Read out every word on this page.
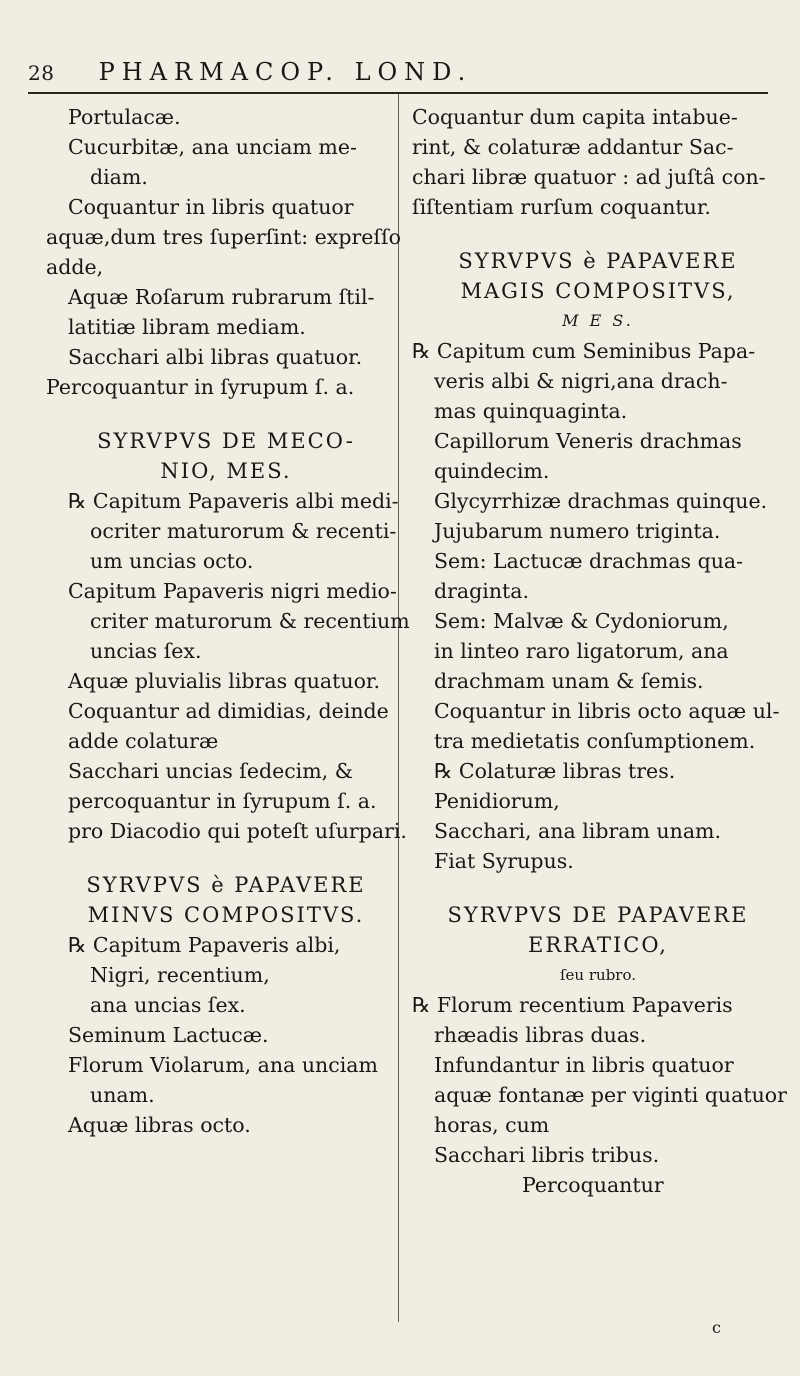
28 PHARMACOP. LOND.
Portulacæ.
Cucurbitæ, ana unciam me-
diam.
Coquantur in libris quatuor
aquæ,dum tres ſuperſint: expreſſo
adde,
Aquæ Roſarum rubrarum ſtil-
latitiæ libram mediam.
Sacchari albi libras quatuor.
Percoquantur in ſyrupum ſ. a.
SYRVPVS DE MECO-
NIO, MES.
℞ Capitum Papaveris albi medi-
ocriter maturorum & recenti-
um uncias octo.
Capitum Papaveris nigri medio-
criter maturorum & recentium
uncias ſex.
Aquæ pluvialis libras quatuor.
Coquantur ad dimidias, deinde
adde colaturæ
Sacchari uncias ſedecim, &
percoquantur in ſyrupum ſ. a.
pro Diacodio qui poteſt uſurpari.
SYRVPVS è PAPAVERE
MINVS COMPOSITVS.
℞ Capitum Papaveris albi,
Nigri, recentium,
ana uncias ſex.
Seminum Lactucæ.
Florum Violarum, ana unciam
unam.
Aquæ libras octo.
Coquantur dum capita intabue-
rint, & colaturæ addantur Sac-
chari libræ quatuor : ad juſtâ con-
ſiſtentiam rurſum coquantur.
SYRVPVS è PAPAVERE
MAGIS COMPOSITVS,
M E S.
℞ Capitum cum Seminibus Papa-
veris albi & nigri,ana drach-
mas quinquaginta.
Capillorum Veneris drachmas
quindecim.
Glycyrrhizæ drachmas quinque.
Jujubarum numero triginta.
Sem: Lactucæ drachmas qua-
draginta.
Sem: Malvæ & Cydoniorum,
in linteo raro ligatorum, ana
drachmam unam & ſemis.
Coquantur in libris octo aquæ ul-
tra medietatis conſumptionem.
℞ Colaturæ libras tres.
Penidiorum,
Sacchari, ana libram unam.
Fiat Syrupus.
SYRVPVS DE PAPAVERE
ERRATICO,
ſeu rubro.
℞ Florum recentium Papaveris
rhæadis libras duas.
Infundantur in libris quatuor
aquæ fontanæ per viginti quatuor
horas, cum
Sacchari libris tribus.
Percoquantur
c
